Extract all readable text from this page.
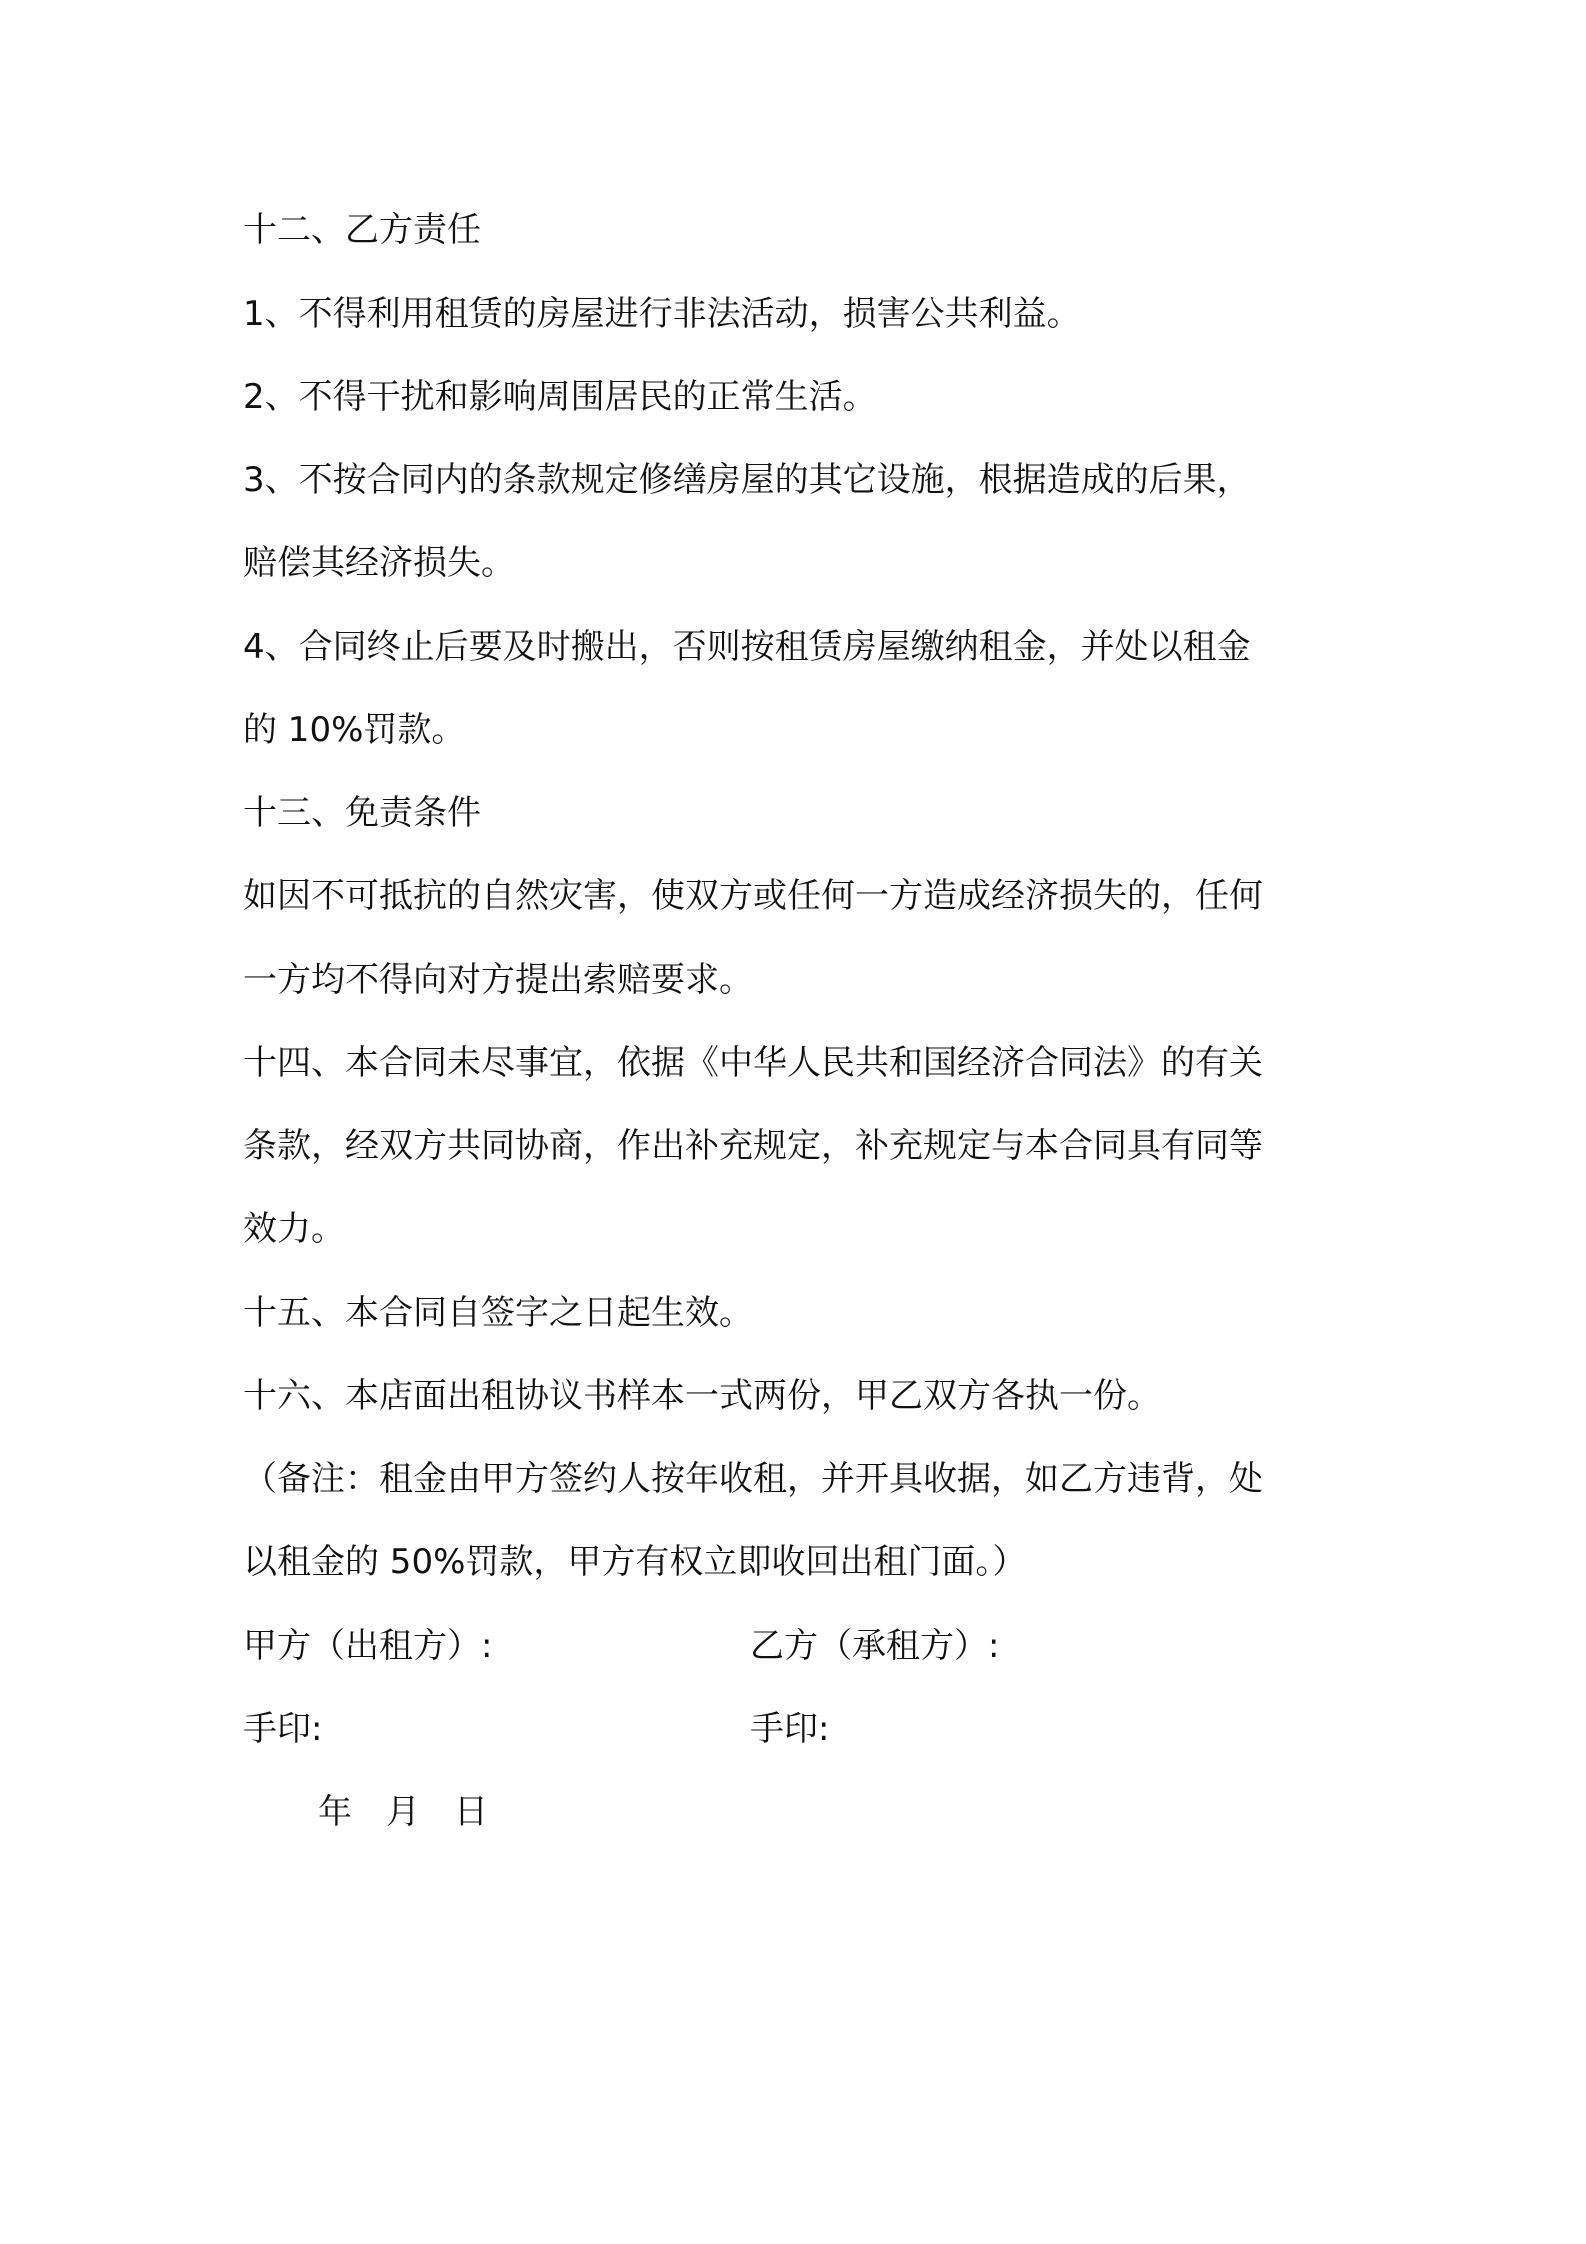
十二、乙方责任
1、不得利用租赁的房屋进行非法活动，损害公共利益。
2、不得干扰和影响周围居民的正常生活。
3、不按合同内的条款规定修缮房屋的其它设施，根据造成的后果，
赔偿其经济损失。
4、合同终止后要及时搬出，否则按租赁房屋缴纳租金，并处以租金
的 10%罚款。
十三、免责条件
如因不可抵抗的自然灾害，使双方或任何一方造成经济损失的，任何
一方均不得向对方提出索赔要求。
十四、本合同未尽事宜，依据《中华人民共和国经济合同法》的有关
条款，经双方共同协商，作出补充规定，补充规定与本合同具有同等
效力。
十五、本合同自签字之日起生效。
十六、本店面出租协议书样本一式两份，甲乙双方各执一份。
（备注：租金由甲方签约人按年收租，并开具收据，如乙方违背，处
以租金的 50%罚款，甲方有权立即收回出租门面。）
甲方（出租方）:	乙方（承租方）:
手印:	手印:
年　月　日
